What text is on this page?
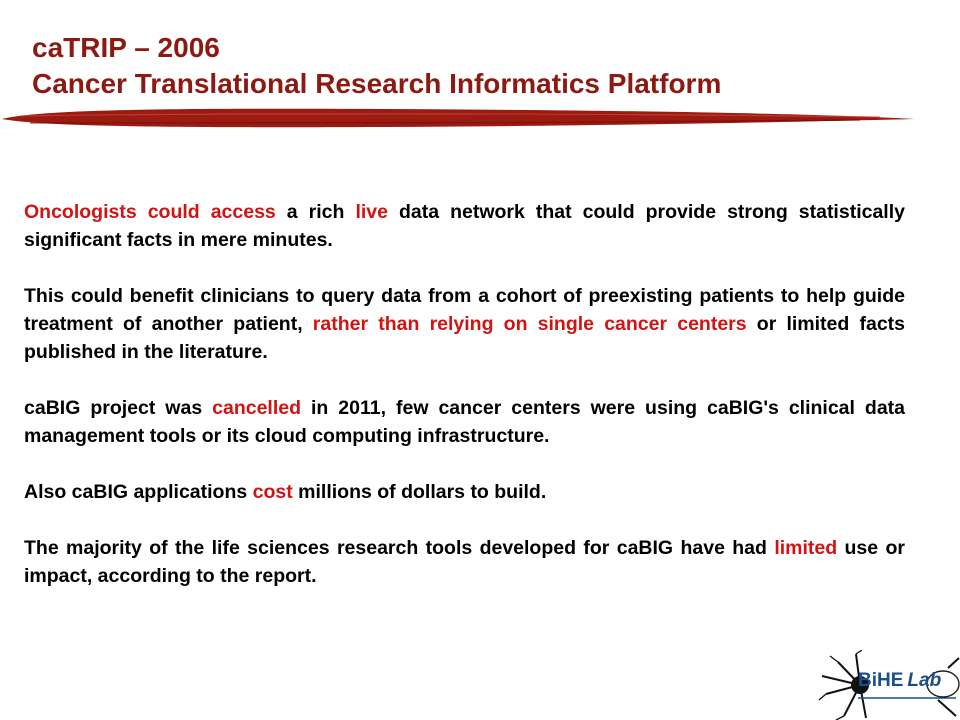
caTRIP – 2006
Cancer Translational Research Informatics Platform

Oncologists could access a rich live data network that could provide strong statistically significant facts in mere minutes.

This could benefit clinicians to query data from a cohort of preexisting patients to help guide treatment of another patient, rather than relying on single cancer centers or limited facts published in the literature.

caBIG project was cancelled in 2011, few cancer centers were using caBIG's clinical data management tools or its cloud computing infrastructure.

Also caBIG applications cost millions of dollars to build.

The majority of the life sciences research tools developed for caBIG have had limited use or impact, according to the report.

BiHE Lab
